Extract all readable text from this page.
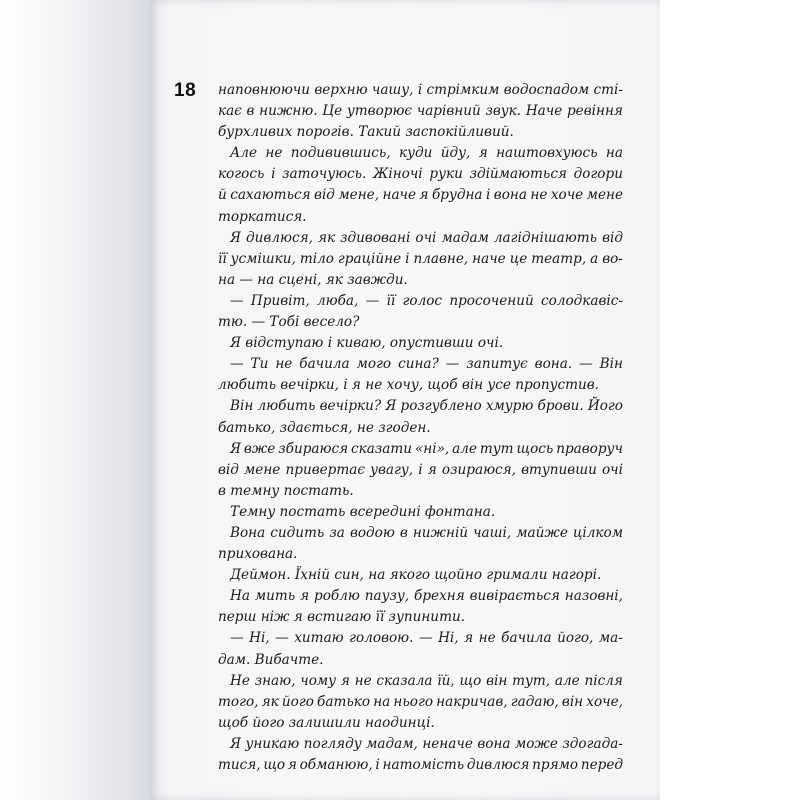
18 наповнюючи верхню чашу, і стрімким водоспадом сті-
кає в нижню. Це утворює чарівний звук. Наче ревіння
бурхливих порогів. Такий заспокійливий.
Але не подивившись, куди йду, я наштовхуюсь на
когось і заточуюсь. Жіночі руки здіймаються догори
й сахаються від мене, наче я брудна і вона не хоче мене
торкатися.
Я дивлюся, як здивовані очі мадам лагіднішають від
її усмішки, тіло грацiйне і плавне, наче це театр, а во-
на — на сцені, як завжди.
— Привіт, люба, — її голос просочений солодкавіс-
тю. — Тобі весело?
Я відступаю і киваю, опустивши очі.
— Ти не бачила мого сина? — запитує вона. — Він
любить вечірки, і я не хочу, щоб він усе пропустив.
Він любить вечірки? Я розгублено хмурю брови. Його
батько, здається, не згоден.
Я вже збираюся сказати «ні», але тут щось праворуч
від мене привертає увагу, і я озираюся, втупивши очі
в темну постать.
Темну постать всередині фонтана.
Вона сидить за водою в нижній чаші, майже цілком
прихована.
Деймон. Їхній син, на якого щойно гримали нагорі.
На мить я роблю паузу, брехня вивірається назовні,
перш ніж я встигаю її зупинити.
— Ні, — хитаю головою. — Ні, я не бачила його, ма-
дам. Вибачте.
Не знаю, чому я не сказала їй, що він тут, але після
того, як його батько на нього накричав, гадаю, він хоче,
щоб його залишили наодинці.
Я уникаю погляду мадам, неначе вона може здогада-
тися, що я обманюю, і натомість дивлюся прямо перед
